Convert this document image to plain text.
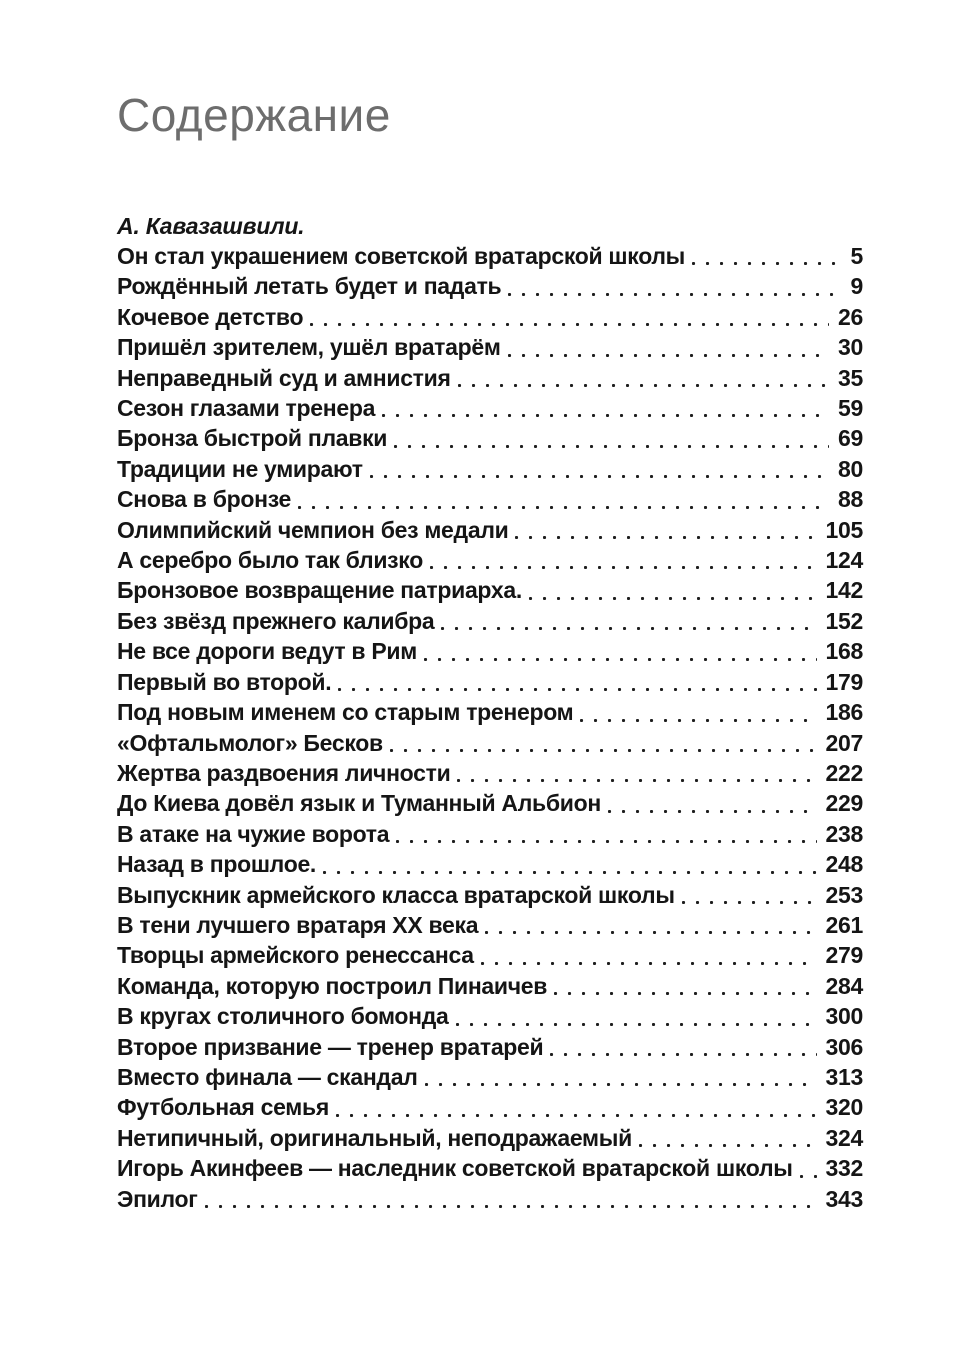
Содержание
А. Кавазашвили.
Он стал украшением советской вратарской школы	5
Рождённый летать будет и падать	9
Кочевое детство	26
Пришёл зрителем, ушёл вратарём	30
Неправедный суд и амнистия	35
Сезон глазами тренера	59
Бронза быстрой плавки	69
Традиции не умирают	80
Снова в бронзе	88
Олимпийский чемпион без медали	105
А серебро было так близко	124
Бронзовое возвращение патриарха.	142
Без звёзд прежнего калибра	152
Не все дороги ведут в Рим	168
Первый во второй.	179
Под новым именем со старым тренером	186
«Офтальмолог» Бесков	207
Жертва раздвоения личности	222
До Киева довёл язык и Туманный Альбион	229
В атаке на чужие ворота	238
Назад в прошлое.	248
Выпускник армейского класса вратарской школы	253
В тени лучшего вратаря XX века	261
Творцы армейского ренессанса	279
Команда, которую построил Пинаичев	284
В кругах столичного бомонда	300
Второе призвание — тренер вратарей	306
Вместо финала — скандал	313
Футбольная семья	320
Нетипичный, оригинальный, неподражаемый	324
Игорь Акинфеев — наследник советской вратарской школы 332
Эпилог	343
